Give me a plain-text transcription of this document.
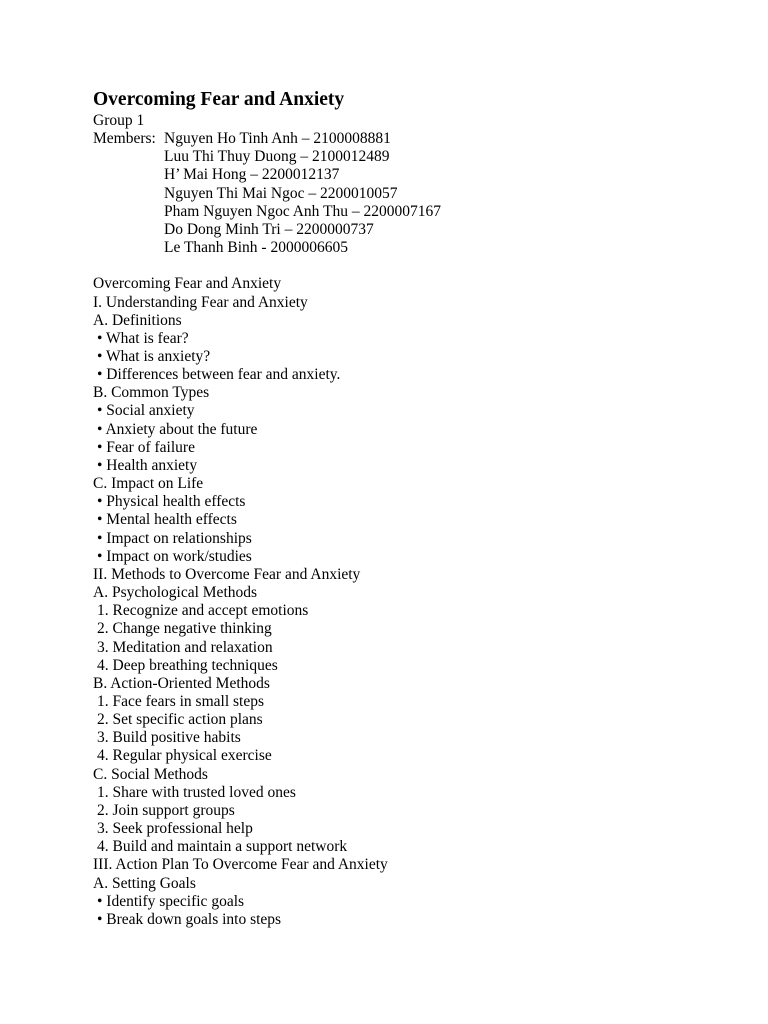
Overcoming Fear and Anxiety
Group 1
Members: Nguyen Ho Tinh Anh – 2100008881
Luu Thi Thuy Duong – 2100012489
H’ Mai Hong – 2200012137
Nguyen Thi Mai Ngoc – 2200010057
Pham Nguyen Ngoc Anh Thu – 2200007167
Do Dong Minh Tri – 2200000737
Le Thanh Binh - 2000006605
Overcoming Fear and Anxiety
I. Understanding Fear and Anxiety
A. Definitions
• What is fear?
• What is anxiety?
• Differences between fear and anxiety.
B. Common Types
• Social anxiety
• Anxiety about the future
• Fear of failure
• Health anxiety
C. Impact on Life
• Physical health effects
• Mental health effects
• Impact on relationships
• Impact on work/studies
II. Methods to Overcome Fear and Anxiety
A. Psychological Methods
1. Recognize and accept emotions
2. Change negative thinking
3. Meditation and relaxation
4. Deep breathing techniques
B. Action-Oriented Methods
1. Face fears in small steps
2. Set specific action plans
3. Build positive habits
4. Regular physical exercise
C. Social Methods
1. Share with trusted loved ones
2. Join support groups
3. Seek professional help
4. Build and maintain a support network
III. Action Plan To Overcome Fear and Anxiety
A. Setting Goals
• Identify specific goals
• Break down goals into steps
